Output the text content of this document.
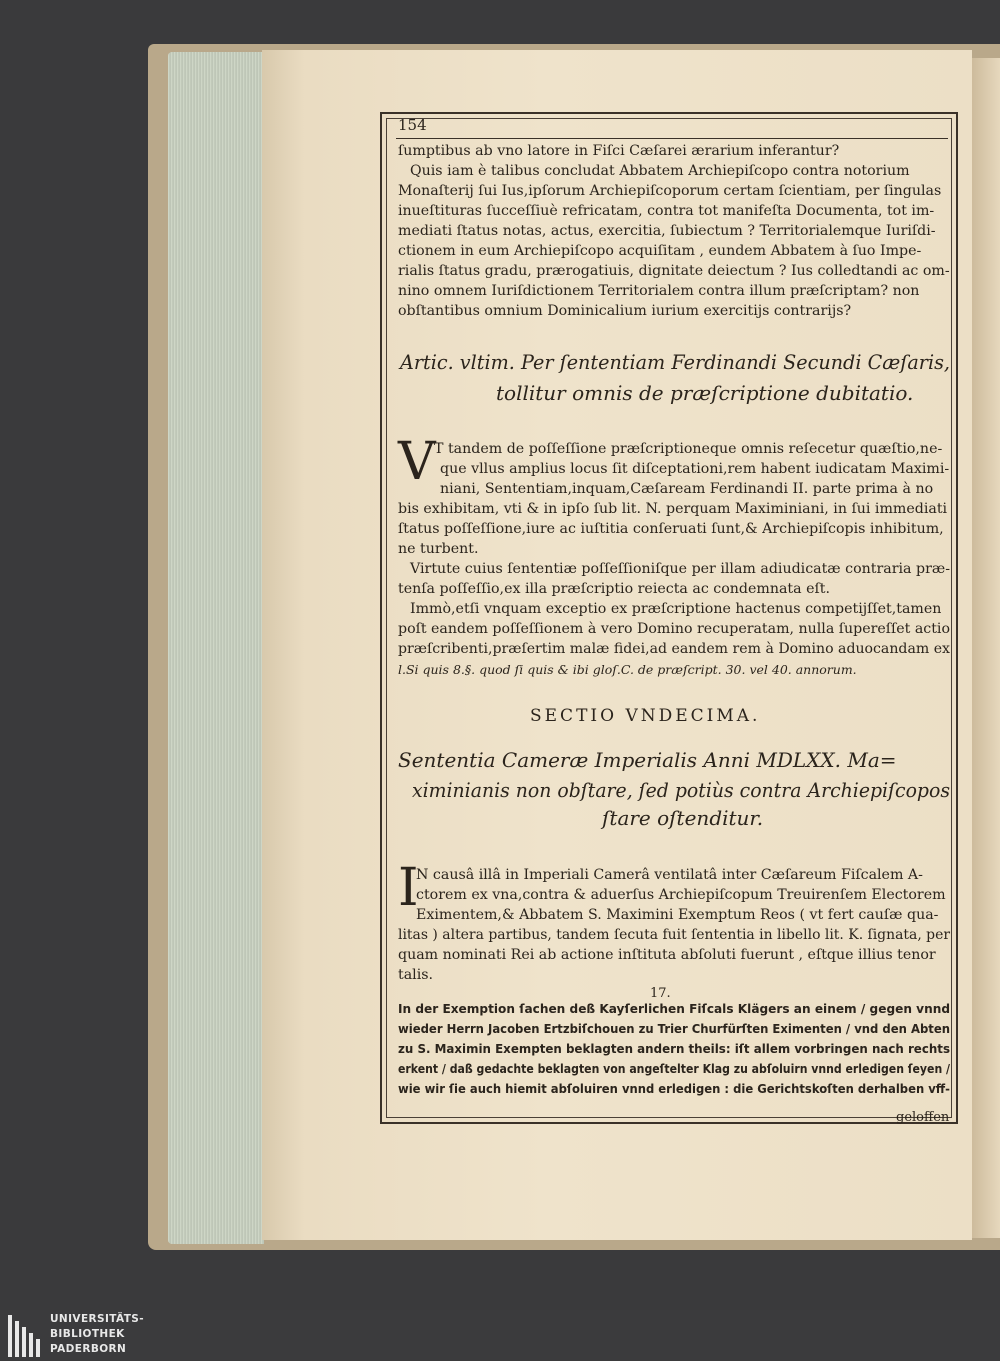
154
ſumptibus ab vno latore in Fiſci Cæſarei ærarium inferantur?
Quis iam è talibus concludat Abbatem Archiepiſcopo contra notorium
Monaſterij ſui Ius,ipſorum Archiepiſcoporum certam ſcientiam, per ſingulas
inueſtituras ſucceſſiuè refricatam, contra tot manifeſta Documenta, tot im-
mediati ſtatus notas, actus, exercitia, ſubiectum ? Territorialemque Iuriſdi-
ctionem in eum Archiepiſcopo acquiſitam , eundem Abbatem à ſuo Impe-
rialis ſtatus gradu, prærogatiuis, dignitate deiectum ? Ius colledtandi ac om-
nino omnem Iuriſdictionem Territorialem contra illum præſcriptam? non
obſtantibus omnium Dominicalium iurium exercitijs contrarijs?
Artic. vltim. Per ſententiam Ferdinandi Secundi Cæſaris,
tollitur omnis de præſcriptione dubitatio.
V
T tandem de poſſeſſione præſcriptioneque omnis reſecetur quæſtio,ne-
que vllus amplius locus ſit diſceptationi,rem habent iudicatam Maximi-
niani, Sententiam,inquam,Cæſaream Ferdinandi II. parte prima à no
bis exhibitam, vti & in ipſo ſub lit. N. perquam Maximiniani, in ſui immediati
ſtatus poſſeſſione,iure ac iuſtitia conſeruati ſunt,& Archiepiſcopis inhibitum,
ne turbent.
Virtute cuius ſententiæ poſſeſſioniſque per illam adiudicatæ contraria præ-
tenſa poſſeſſio,ex illa præſcriptio reiecta ac condemnata eſt.
Immò,etſi vnquam exceptio ex præſcriptione hactenus competijſſet,tamen
poſt eandem poſſeſſionem à vero Domino recuperatam, nulla ſupereſſet actio
præſcribenti,præſertim malæ fidei,ad eandem rem à Domino aduocandam ex
l.Si quis 8.§. quod ſi quis & ibi gloſ.C. de præſcript. 30. vel 40. annorum.
SECTIO VNDECIMA.
Sententia Cameræ Imperialis Anni MDLXX. Ma=
ximinianis non obſtare, ſed potiùs contra Archiepiſcopos
ſtare oſtenditur.
I
N causâ illâ in Imperiali Camerâ ventilatâ inter Cæſareum Fiſcalem A-
ctorem ex vna,contra & aduerſus Archiepiſcopum Treuirenſem Electorem
Eximentem,& Abbatem S. Maximini Exemptum Reos ( vt fert cauſæ qua-
litas ) altera partibus, tandem ſecuta fuit ſententia in libello lit. K. ſignata, per
quam nominati Rei ab actione inſtituta abſoluti fuerunt , eſtque illius tenor
talis.
17.
In der Exemption ſachen deß Kayſerlichen Fiſcals Klägers an einem / gegen vnnd
wieder Herrn Jacoben Ertzbiſchouen zu Trier Churfürſten Eximenten / vnd den Abten
zu S. Maximin Exempten beklagten andern theils: iſt allem vorbringen nach rechts
erkent / daß gedachte beklagten von angeſtelter Klag zu abſoluirn vnnd erledigen ſeyen /
wie wir ſie auch hiemit abſoluiren vnnd erledigen : die Gerichtskoſten derhalben vff-
geloffen
UNIVERSITÄTS-
BIBLIOTHEK
PADERBORN
